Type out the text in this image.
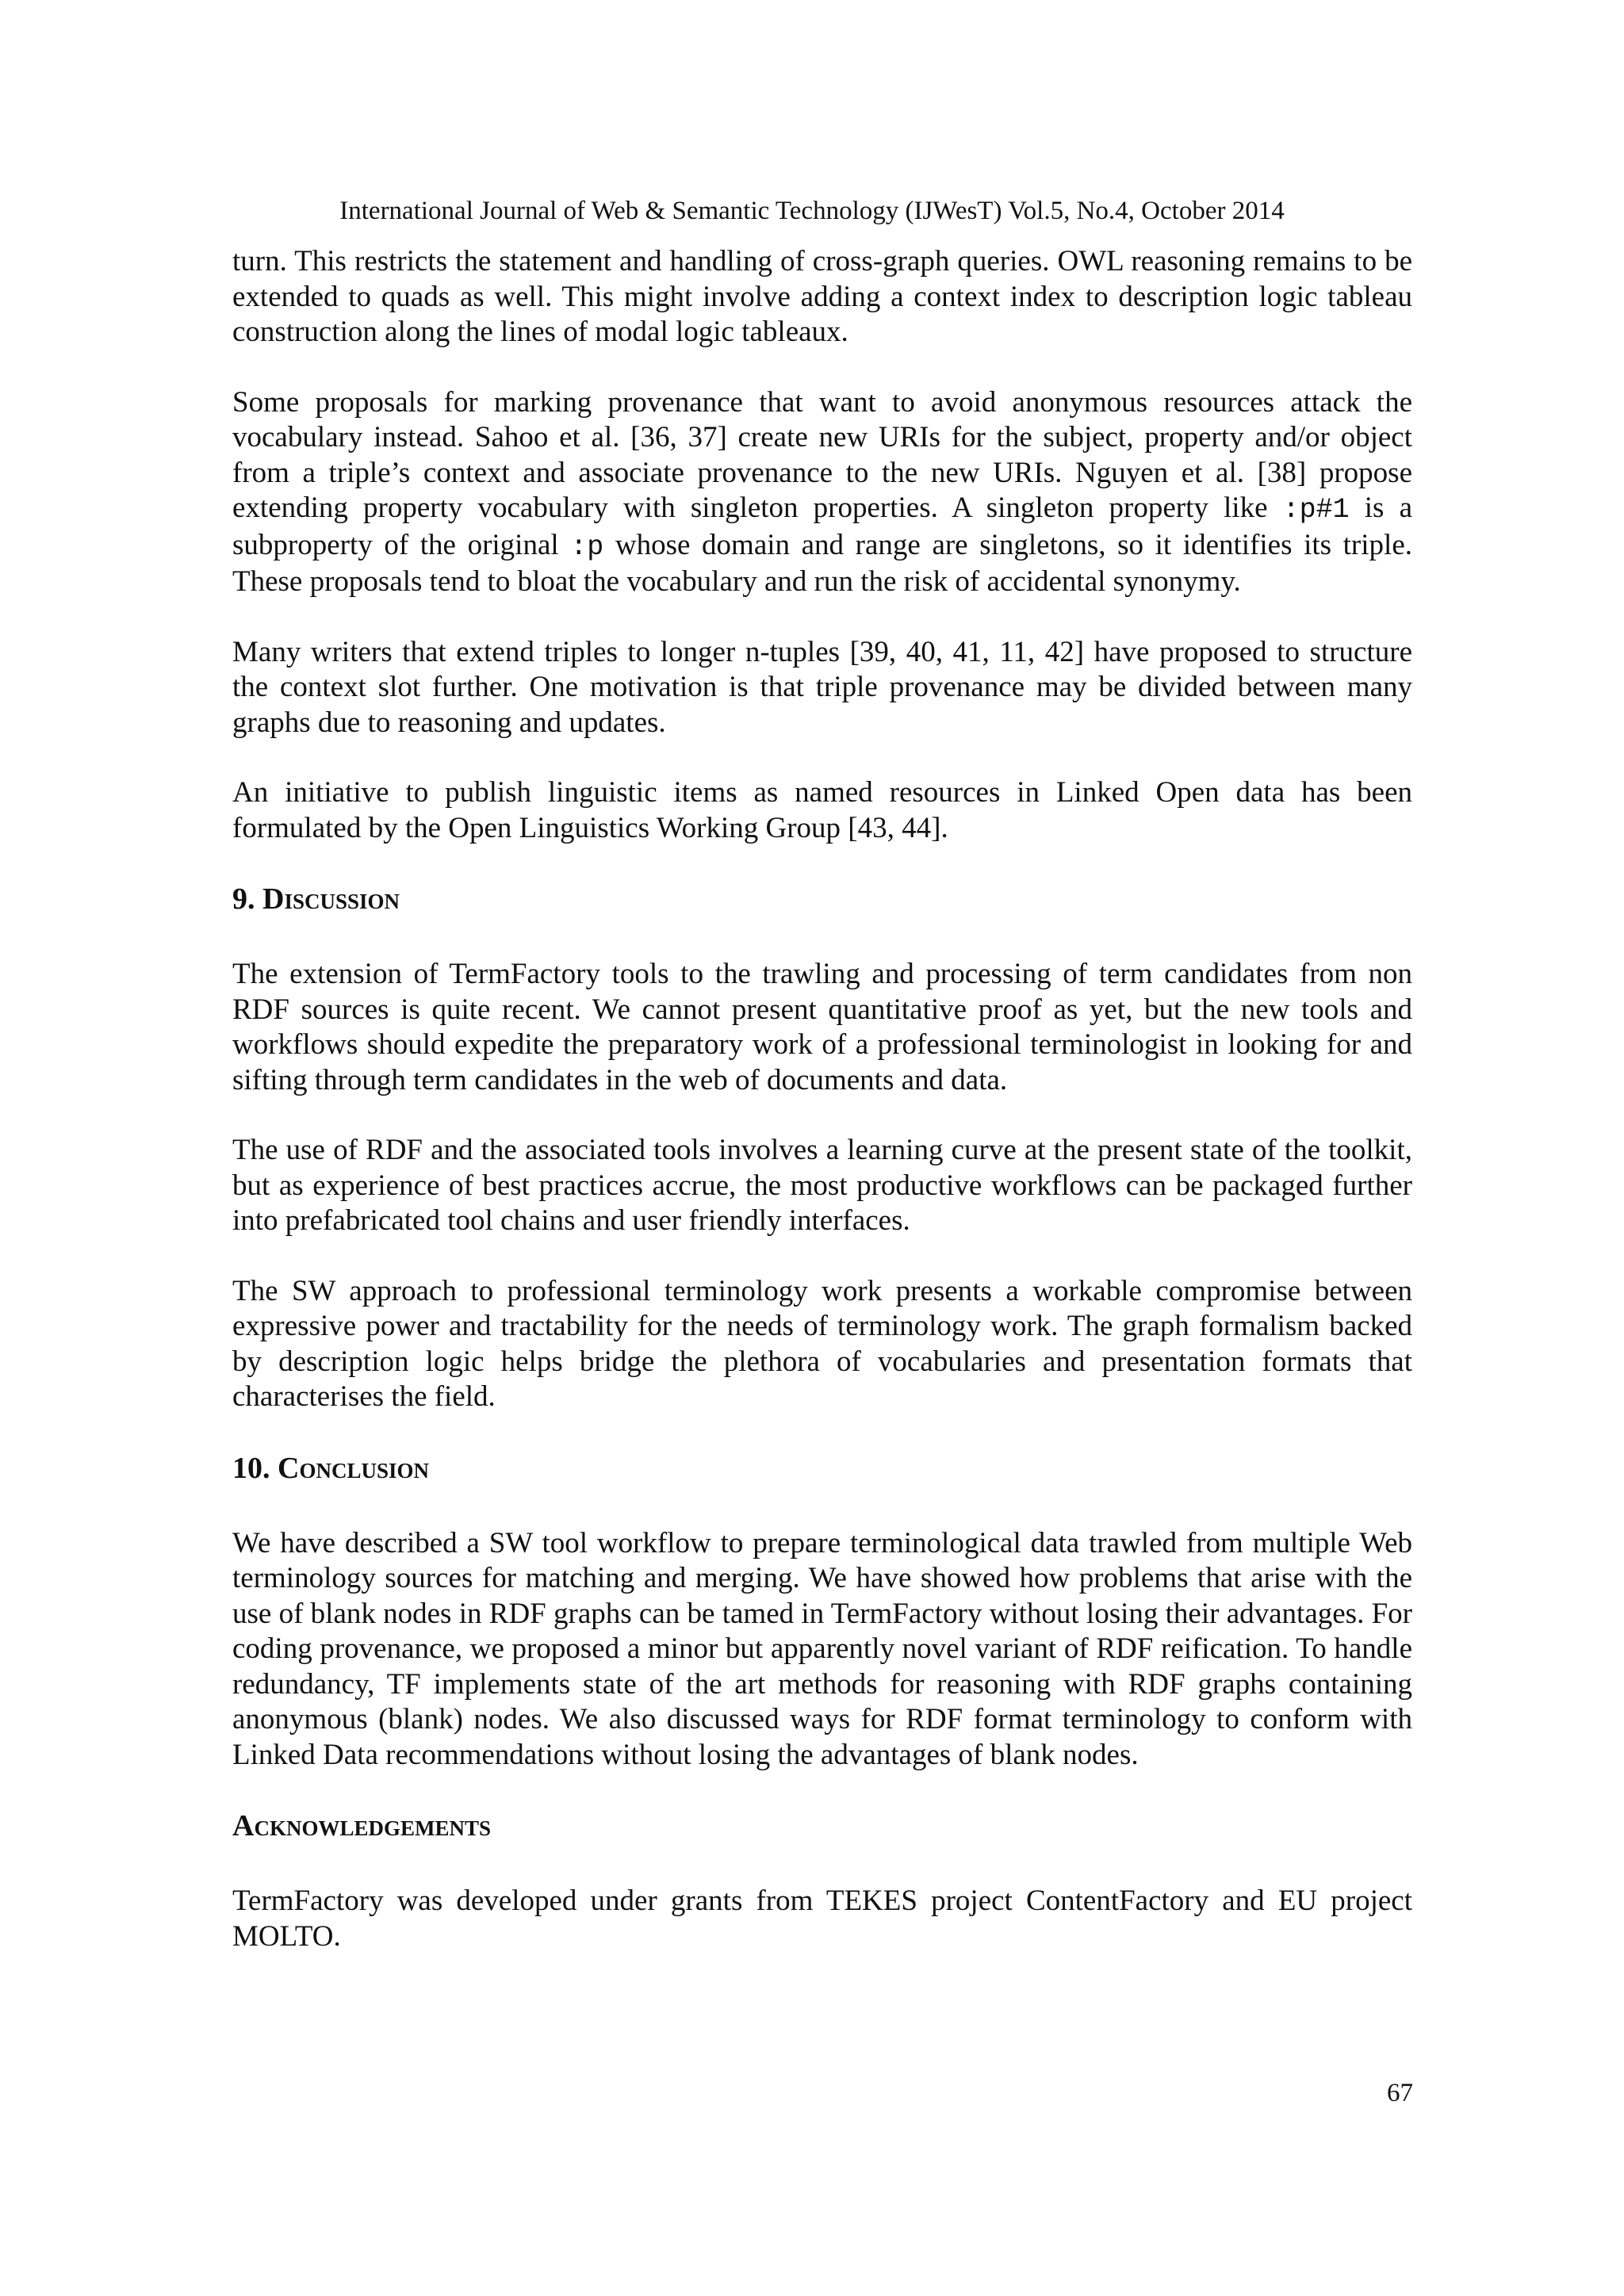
International Journal of Web & Semantic Technology (IJWesT) Vol.5, No.4, October 2014

turn. This restricts the statement and handling of cross-graph queries. OWL reasoning remains to be extended to quads as well. This might involve adding a context index to description logic tableau construction along the lines of modal logic tableaux.

Some proposals for marking provenance that want to avoid anonymous resources attack the vocabulary instead. Sahoo et al. [36, 37] create new URIs for the subject, property and/or object from a triple’s context and associate provenance to the new URIs. Nguyen et al. [38] propose extending property vocabulary with singleton properties. A singleton property like :p#1 is a subproperty of the original :p whose domain and range are singletons, so it identifies its triple. These proposals tend to bloat the vocabulary and run the risk of accidental synonymy.

Many writers that extend triples to longer n-tuples [39, 40, 41, 11, 42] have proposed to structure the context slot further. One motivation is that triple provenance may be divided between many graphs due to reasoning and updates.

An initiative to publish linguistic items as named resources in Linked Open data has been formulated by the Open Linguistics Working Group [43, 44].

9. Discussion

The extension of TermFactory tools to the trawling and processing of term candidates from non RDF sources is quite recent. We cannot present quantitative proof as yet, but the new tools and workflows should expedite the preparatory work of a professional terminologist in looking for and sifting through term candidates in the web of documents and data.

The use of RDF and the associated tools involves a learning curve at the present state of the toolkit, but as experience of best practices accrue, the most productive workflows can be packaged further into prefabricated tool chains and user friendly interfaces.

The SW approach to professional terminology work presents a workable compromise between expressive power and tractability for the needs of terminology work. The graph formalism backed by description logic helps bridge the plethora of vocabularies and presentation formats that characterises the field.

10. Conclusion

We have described a SW tool workflow to prepare terminological data trawled from multiple Web terminology sources for matching and merging. We have showed how problems that arise with the use of blank nodes in RDF graphs can be tamed in TermFactory without losing their advantages. For coding provenance, we proposed a minor but apparently novel variant of RDF reification. To handle redundancy, TF implements state of the art methods for reasoning with RDF graphs containing anonymous (blank) nodes. We also discussed ways for RDF format terminology to conform with Linked Data recommendations without losing the advantages of blank nodes.

Acknowledgements

TermFactory was developed under grants from TEKES project ContentFactory and EU project MOLTO.

67
